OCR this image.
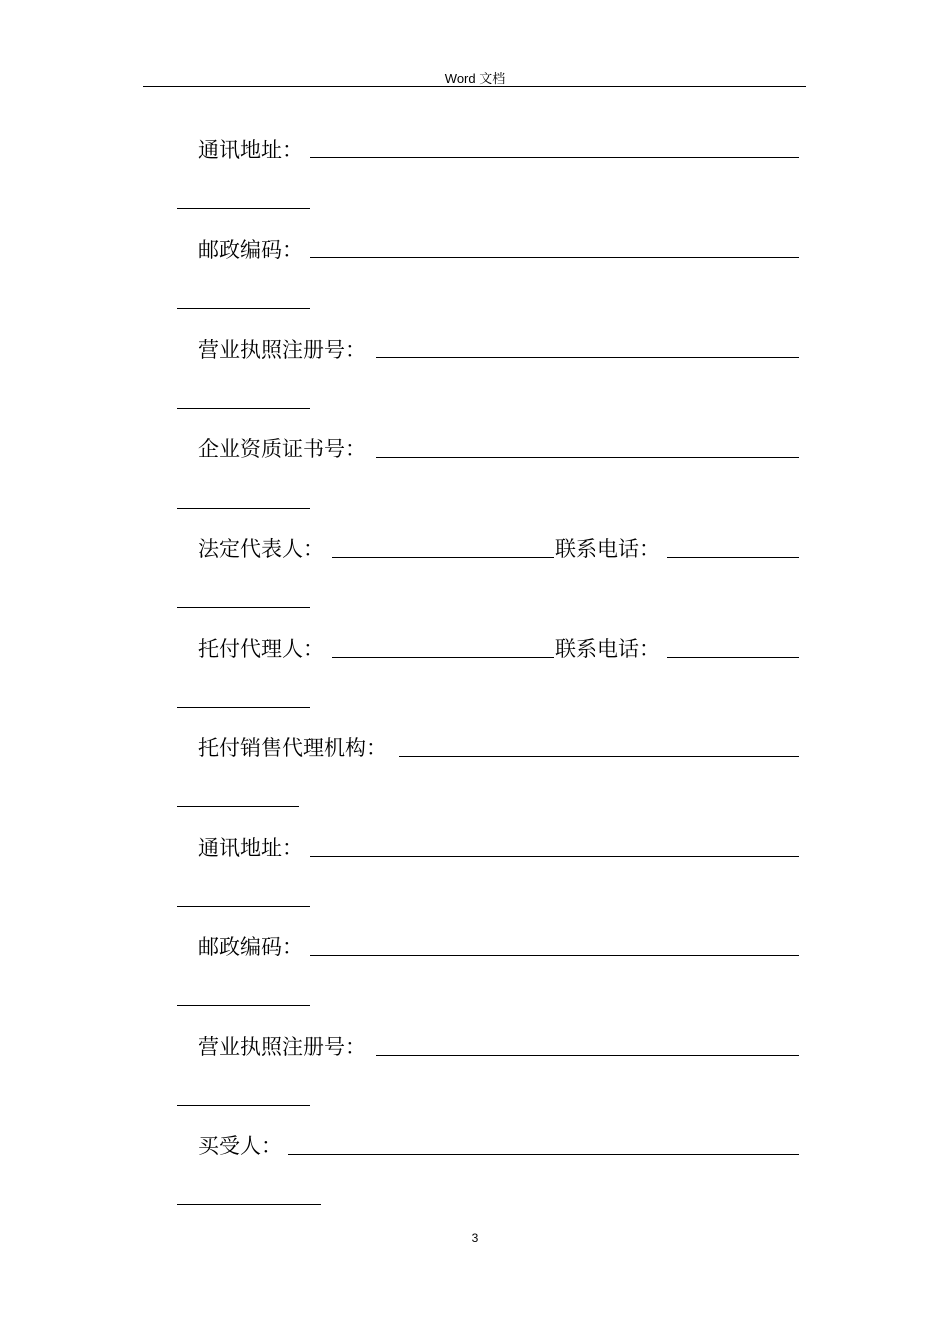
Word 文档
通讯地址：
邮政编码：
营业执照注册号：
企业资质证书号：
法定代表人：	联系电话：
托付代理人：	联系电话：
托付销售代理机构：
通讯地址：
邮政编码：
营业执照注册号：
买受人：
3
